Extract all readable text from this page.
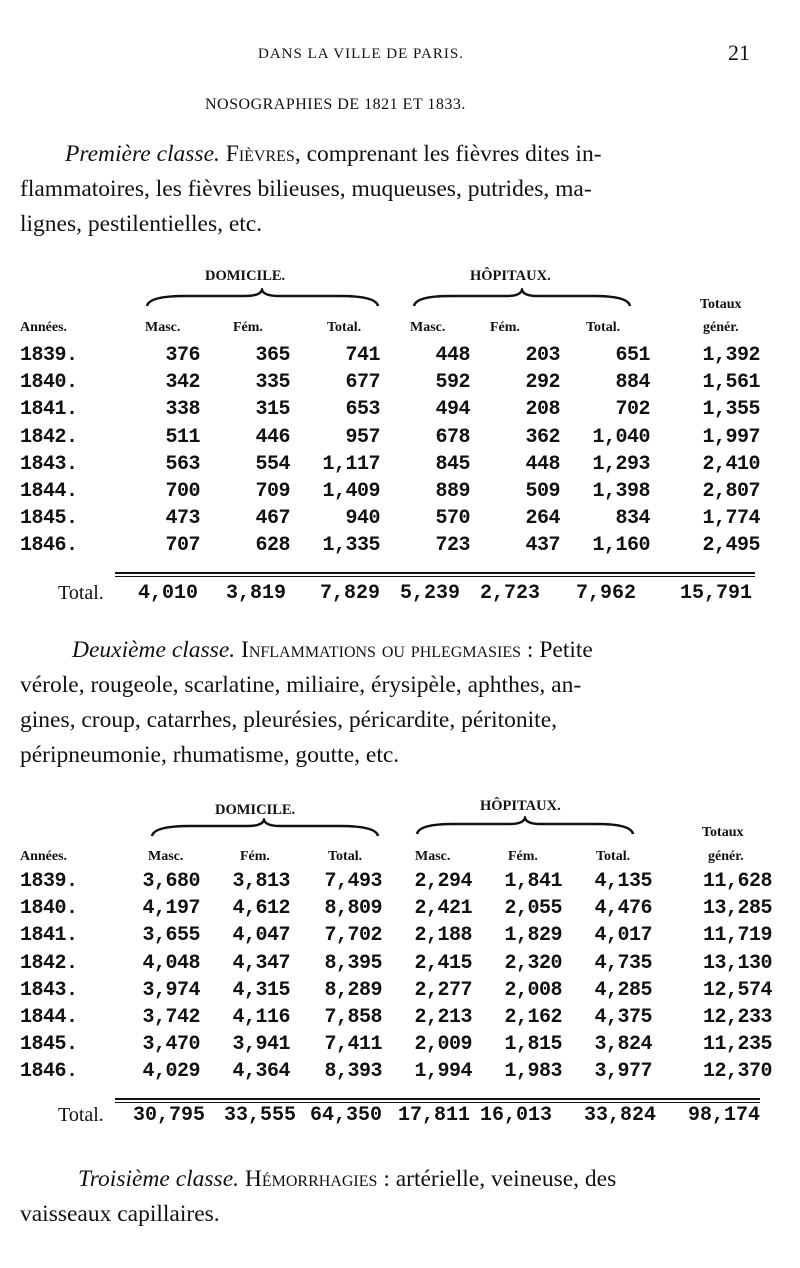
DANS LA VILLE DE PARIS.	21
NOSOGRAPHIES DE 1821 ET 1833.

Première classe. Fièvres, comprenant les fièvres dites in-

flammatoires, les fièvres bilieuses, muqueuses, putrides, ma-

lignes, pestilentielles, etc.

DOMICILE.	HÔPITAUX.
Totaux
Années.	Masc.	Fém.	Total.	Masc.	Fém.	Total.	génér.
1839.	376	365	741	448	203	651	1,392
1840.	342	335	677	592	292	884	1,561
1841.	338	315	653	494	208	702	1,355
1842.	511	446	957	678	362	1,040	1,997
1843.	563	554	1,117	845	448	1,293	2,410
1844.	700	709	1,409	889	509	1,398	2,807
1845.	473	467	940	570	264	834	1,774
1846.	707	628	1,335	723	437	1,160	2,495
Total. 4,010 3,819 7,829 5,239 2,723 7,962 15,791

Deuxième classe. Inflammations ou phlegmasies : Petite

vérole, rougeole, scarlatine, miliaire, érysipèle, aphthes, an-

gines, croup, catarrhes, pleurésies, péricardite, péritonite,

péripneumonie, rhumatisme, goutte, etc.

DOMICILE.	HÔPITAUX.
Totaux
Années.	Masc.	Fém.	Total.	Masc.	Fém.	Total.	génér.
1839.	3,680	3,813	7,493	2,294	1,841	4,135	11,628
1840.	4,197	4,612	8,809	2,421	2,055	4,476	13,285
1841.	3,655	4,047	7,702	2,188	1,829	4,017	11,719
1842.	4,048	4,347	8,395	2,415	2,320	4,735	13,130
1843.	3,974	4,315	8,289	2,277	2,008	4,285	12,574
1844.	3,742	4,116	7,858	2,213	2,162	4,375	12,233
1845.	3,470	3,941	7,411	2,009	1,815	3,824	11,235
1846.	4,029	4,364	8,393	1,994	1,983	3,977	12,370
Total. 30,795 33,555 64,350 17,811 16,013 33,824 98,174

Troisième classe. Hémorrhagies : artérielle, veineuse, des

vaisseaux capillaires.
